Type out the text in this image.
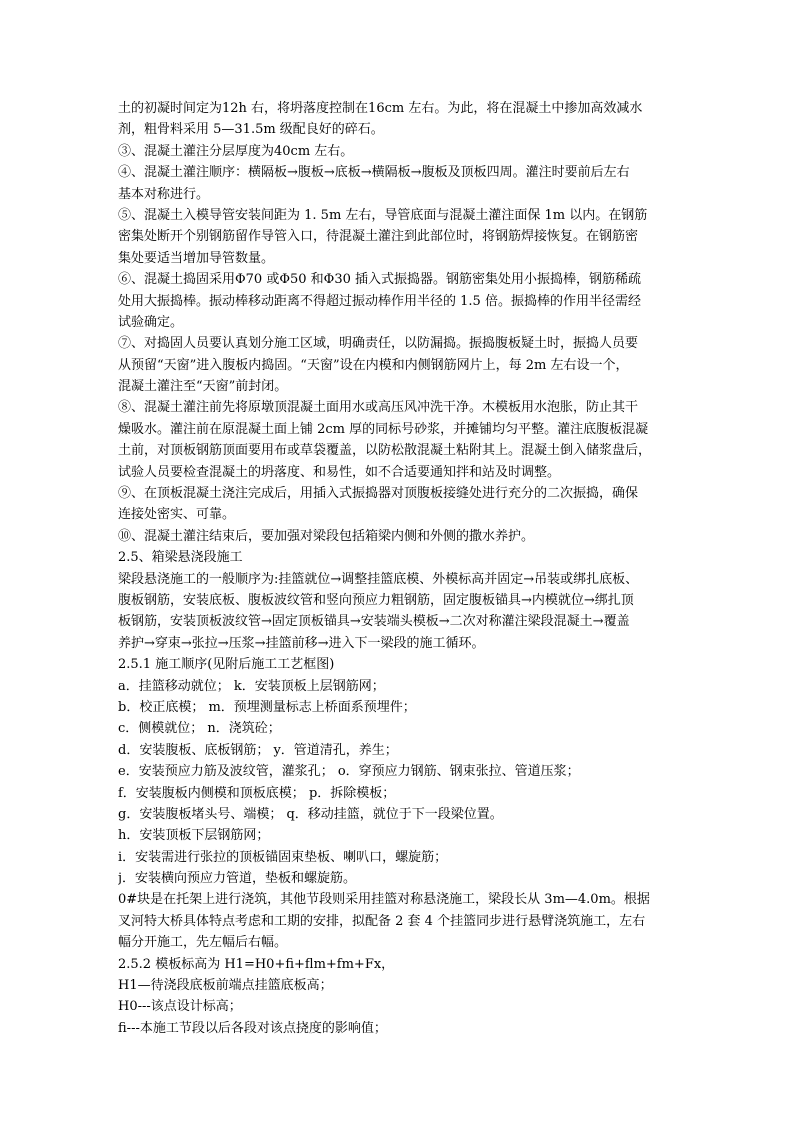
土的初凝时间定为12h 右，将坍落度控制在16cm 左右。为此，将在混凝土中掺加高效减水
剂，粗骨料采用 5—31.5m 级配良好的碎石。
③、混凝土灌注分层厚度为40cm 左右。
④、混凝土灌注顺序：横隔板→腹板→底板→横隔板→腹板及顶板四周。灌注时要前后左右
基本对称进行。
⑤、混凝土入模导管安装间距为 1. 5m 左右，导管底面与混凝土灌注面保 1m 以内。在钢筋
密集处断开个别钢筋留作导管入口，待混凝土灌注到此部位时，将钢筋焊接恢复。在钢筋密
集处要适当增加导管数量。
⑥、混凝土捣固采用Φ70 或Φ50 和Φ30 插入式振捣器。钢筋密集处用小振捣棒，钢筋稀疏
处用大振捣棒。振动棒移动距离不得超过振动棒作用半径的 1.5 倍。振捣棒的作用半径需经
试验确定。
⑦、对捣固人员要认真划分施工区域，明确责任，以防漏捣。振捣腹板疑土时，振捣人员要
从预留“天窗”进入腹板内捣固。“天窗”设在内模和内侧钢筋网片上，每 2m 左右设一个，
混凝土灌注至“天窗”前封闭。
⑧、混凝土灌注前先将原墩顶混凝土面用水或高压风冲洗干净。木模板用水泡胀，防止其干
燥吸水。灌注前在原混凝土面上铺 2cm 厚的同标号砂浆，并摊铺均匀平整。灌注底腹板混凝
土前，对顶板钢筋顶面要用布或草袋覆盖，以防松散混凝土粘附其上。混凝土倒入储浆盘后，
试验人员要检查混凝土的坍落度、和易性，如不合适要通知拌和站及时调整。
⑨、在顶板混凝土浇注完成后，用插入式振捣器对顶腹板接缝处进行充分的二次振捣，确保
连接处密实、可靠。
⑩、混凝土灌注结束后，要加强对梁段包括箱梁内侧和外侧的撒水养护。
2.5、箱梁悬浇段施工
梁段悬浇施工的一般顺序为:挂篮就位→调整挂篮底模、外模标高并固定→吊装或绑扎底板、
腹板钢筋，安装底板、腹板波纹管和竖向预应力粗钢筋，固定腹板锚具→内模就位→绑扎顶
板钢筋，安装顶板波纹管→固定顶板锚具→安装端头模板→二次对称灌注梁段混凝土→覆盖
养护→穿束→张拉→压浆→挂篮前移→进入下一梁段的施工循环。
2.5.1 施工顺序(见附后施工工艺框图)
a．挂篮移动就位； k．安装顶板上层钢筋网；
b．校正底模； m．预埋测量标志上桥面系预埋件；
c．侧模就位； n．浇筑砼；
d．安装腹板、底板钢筋； y．管道清孔，养生；
e．安装预应力筋及波纹管，灌浆孔； o．穿预应力钢筋、钢束张拉、管道压浆；
f．安装腹板内侧模和顶板底模； p．拆除模板；
g．安装腹板堵头号、端模； q．移动挂篮，就位于下一段梁位置。
h．安装顶板下层钢筋网；
i．安装需进行张拉的顶板锚固束垫板、喇叭口，螺旋筋；
j．安装横向预应力管道，垫板和螺旋筋。
0#块是在托架上进行浇筑，其他节段则采用挂篮对称悬浇施工，梁段长从 3m—4.0m。根据
叉河特大桥具体特点考虑和工期的安排，拟配备 2 套 4 个挂篮同步进行悬臂浇筑施工，左右
幅分开施工，先左幅后右幅。
2.5.2 模板标高为 H1=H0+fi+flm+fm+Fx，
H1—待浇段底板前端点挂篮底板高；
H0---该点设计标高；
fi---本施工节段以后各段对该点挠度的影响值；
